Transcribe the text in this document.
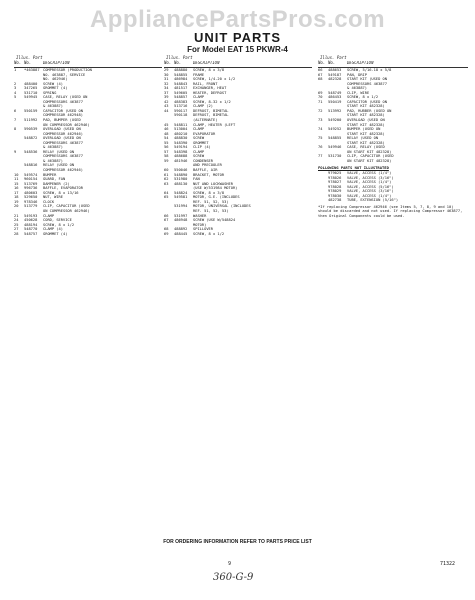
AppliancePartsPros.com
UNIT PARTS
For Model EAT 15 PKWR-4
Illus. Part
No. No.	DESCRIPTION
1	*463887 COMPRESSOR (PRODUCTION
NO. 463887, SERVICE
NO. 462946)
2	488400	SCREW (4)
3	347265	GROMMET (4)
4	531710	SPRING
5	549945	CASE, RELAY (USED ON
COMPRESSORS 463877
& 463887)
6	550159	CAPACITOR (USED ON
COMPRESSOR 462948)
7	511992	PAD, BUMPER (USED
ON COMPRESSOR 462946)
8	590539	OVERLOAD (USED ON
COMPRESSOR 462946)
548872	OVERLOAD (USED ON
COMPRESSORS 463877
& 463887)
9	548536	RELAY (USED ON
COMPRESSORS 463877
& 463887)
548816	RELAY (USED ON
COMPRESSOR 462946)
10	549574	BUMPER
11	960154	GUARD, FAN
15	513769	DAMPENER (2)
16	996736	BAFFLE, EVAPORATOR
17	480603	SCREW, 8 x 13/16
18	529650	NUT, WIRE
19	978346	CLOCK
20	513779	CLIP, CAPACITOR (USED
ON COMPRESSOR 462946)
21	549193	CLAMP
24	450628	CORD, SERVICE
25	488194	SCREW, 8 x 1/2
27	548770	CLAMP (4)
28	548757	GROMMET (4)
Illus. Part
No. No.	DESCRIPTION
29	488880	SCREW, 8 x 3/8
30	548855	FRAME
31	486984	SCREW, 1/4-20 x 1/2
32	548843	RAIL, FRONT
34	481517	EXCHANGER, HEAT
37	549605	HEATER, DEFROST
39	548857	CLAMP
42	488383	SCREW, 8-32 x 1/2
43	513716	CLAMP (2)
44	590117	DEFROST, BIMETAL
590118	DEFROST, BIMETAL
(ALTERNATE)
45	548811	CLAMP, HEATER (LEFT
46	513004	CLAMP
48	480210	EVAPORATOR
54	488830	SCREW
55	548390	GROMMET
56	549194	CLIP (4)
57	548398	CLAMP
58	488688	SCREW
59	481946	CONDENSER
AND PRECOOLER
60	550046	BAFFLE, AIR
61	548890	BRACKET, MOTOR
62	531980	FAN
63	488130	NUT AND LOCKWASHER
(USE W/531984 MOTOR)
64	548824	SCREW, 8 x 3/8
65	549581	MOTOR, G.E. (INCLUDES
REF. 51, 52, 53)
531994	MOTOR, UNIVERSAL (INCLUDES
REF. 51, 52, 53)
66	531997	WASHER
67	486948	SCREW (USE W/548824
MOTOR)
68	488892	SPILLOVER
69	488445	SCREW, 8 x 1/2
Illus. Part
No. No.	DESCRIPTION
66	488653	SCREW, 5/16-18 x 5/8
67	549187	PAN, DRIP
68	482328	START KIT (USED ON
COMPRESSORS 463877
& 463887)
69	548749	CLIP, WIRE
70	486453	SCREW, 8 x 1/2
71	550419	CAPACITOR (USED ON
START KIT 482328)
72	513992	PAD, RUBBER (USED ON
START KIT 482328)
73	549200	OVERLOAD (USED ON
START KIT 482328)
74	549252	BUMPER (USED ON
START KIT 482328)
75	548855	RELAY (USED ON
START KIT 482328)
76	549946	CASE, RELAY (USED
ON START KIT 482328)
77	531730	CLIP, CAPACITOR (USED
ON START KIT 482328)
FOLLOWING PARTS NOT ILLUSTRATED
979025	VALVE, ACCESS (1/4")
978026	VALVE, ACCESS (3/16")
978027	VALVE, ACCESS (1/4")
978028	VALVE, ACCESS (5/16")
978029	VALVE, ACCESS (3/16")
978030	VALVE, ACCESS (1/4")
482738	TUBE, EXTENSION (5/16")
*If replacing Compressor 462946 (see Items 5, 7, 8, 9 and 10) should be discarded and not used. If replacing Compressor 463877, then Original Components could be used.
FOR ORDERING INFORMATION REFER TO PARTS PRICE LIST
9	71322
360-G-9
